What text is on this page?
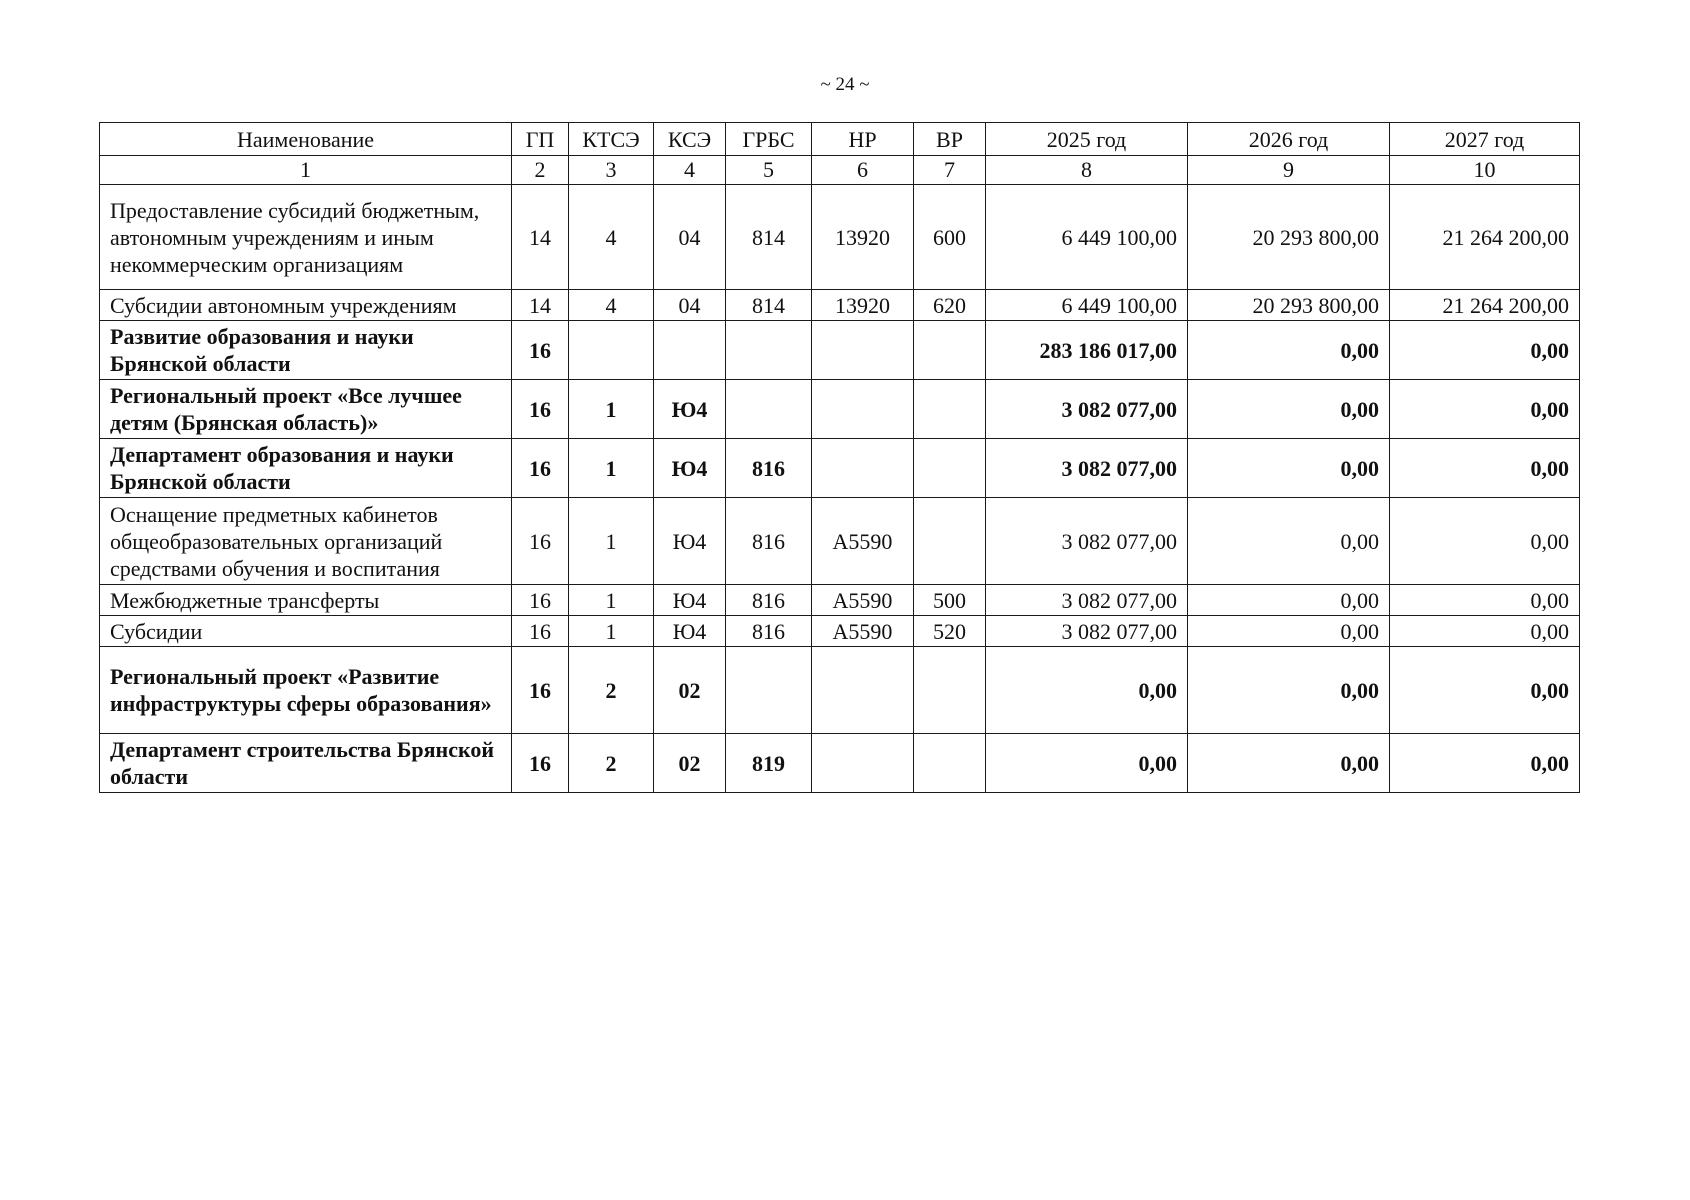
~ 24 ~
Наименование	ГП	КТСЭ	КСЭ	ГРБС	НР	ВР	2025 год	2026 год	2027 год
1	2	3	4	5	6	7	8	9	10
Предоставление субсидий бюджетным, автономным учреждениям и иным некоммерческим организациям	14	4	04	814	13920	600	6 449 100,00	20 293 800,00	21 264 200,00
Субсидии автономным учреждениям	14	4	04	814	13920	620	6 449 100,00	20 293 800,00	21 264 200,00
Развитие образования и науки Брянской области	16						283 186 017,00	0,00	0,00
Региональный проект «Все лучшее детям (Брянская область)»	16	1	Ю4				3 082 077,00	0,00	0,00
Департамент образования и науки Брянской области	16	1	Ю4	816			3 082 077,00	0,00	0,00
Оснащение предметных кабинетов общеобразовательных организаций средствами обучения и воспитания	16	1	Ю4	816	А5590		3 082 077,00	0,00	0,00
Межбюджетные трансферты	16	1	Ю4	816	А5590	500	3 082 077,00	0,00	0,00
Субсидии	16	1	Ю4	816	А5590	520	3 082 077,00	0,00	0,00
Региональный проект «Развитие инфраструктуры сферы образования»	16	2	02				0,00	0,00	0,00
Департамент строительства Брянской области	16	2	02	819			0,00	0,00	0,00
